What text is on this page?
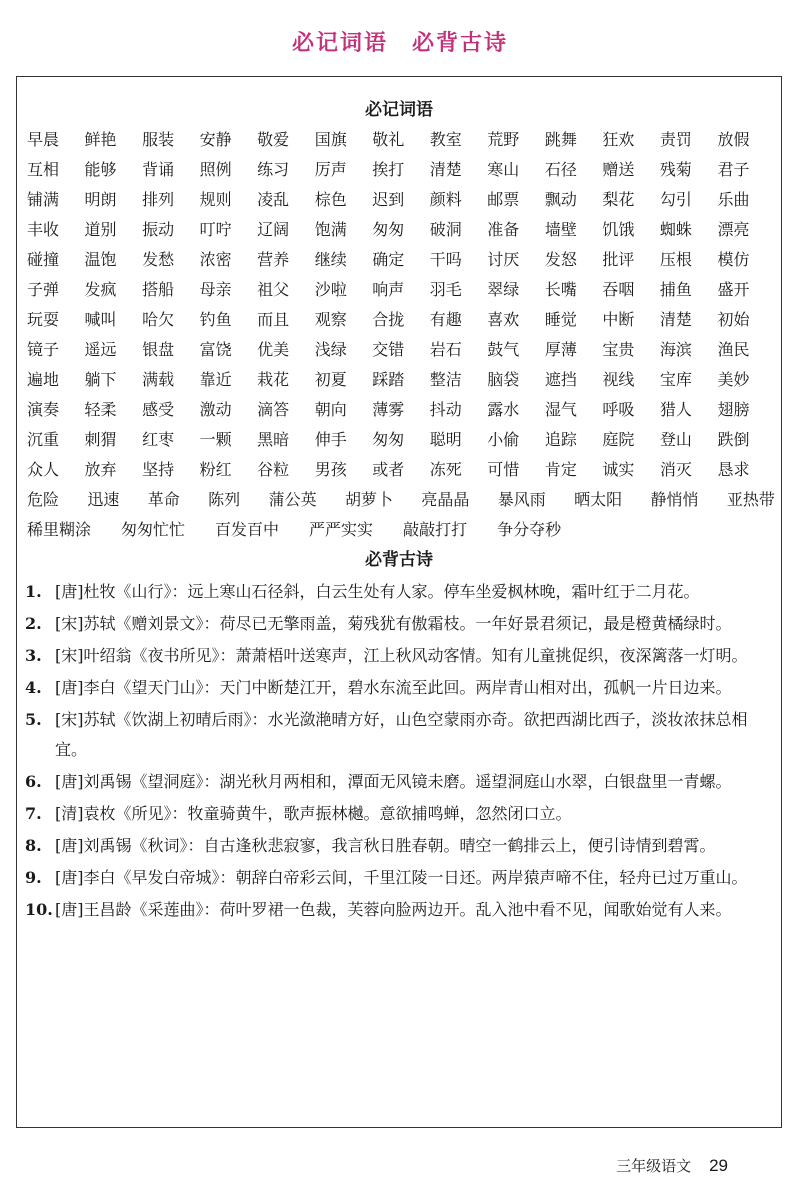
必记词语　必背古诗
必记词语
早晨	鲜艳	服装	安静	敬爱	国旗	敬礼	教室	荒野	跳舞	狂欢	责罚	放假
互相	能够	背诵	照例	练习	厉声	挨打	清楚	寒山	石径	赠送	残菊	君子
铺满	明朗	排列	规则	凌乱	棕色	迟到	颜料	邮票	飘动	梨花	勾引	乐曲
丰收	道别	振动	叮咛	辽阔	饱满	匆匆	破洞	准备	墙壁	饥饿	蜘蛛	漂亮
碰撞	温饱	发愁	浓密	营养	继续	确定	干吗	讨厌	发怒	批评	压根	模仿
子弹	发疯	搭船	母亲	祖父	沙啦	响声	羽毛	翠绿	长嘴	吞咽	捕鱼	盛开
玩耍	喊叫	哈欠	钓鱼	而且	观察	合拢	有趣	喜欢	睡觉	中断	清楚	初始
镜子	遥远	银盘	富饶	优美	浅绿	交错	岩石	鼓气	厚薄	宝贵	海滨	渔民
遍地	躺下	满载	靠近	栽花	初夏	踩踏	整洁	脑袋	遮挡	视线	宝库	美妙
演奏	轻柔	感受	激动	滴答	朝向	薄雾	抖动	露水	湿气	呼吸	猎人	翅膀
沉重	刺猬	红枣	一颗	黑暗	伸手	匆匆	聪明	小偷	追踪	庭院	登山	跌倒
众人	放弃	坚持	粉红	谷粒	男孩	或者	冻死	可惜	肯定	诚实	消灭	恳求
危险 迅速 革命 陈列 蒲公英 胡萝卜 亮晶晶 暴风雨 晒太阳 静悄悄 亚热带
稀里糊涂 匆匆忙忙 百发百中 严严实实 敲敲打打 争分夺秒
必背古诗
1. [唐]杜牧《山行》：远上寒山石径斜，白云生处有人家。停车坐爱枫林晚，霜叶红于二月花。
2. [宋]苏轼《赠刘景文》：荷尽已无擎雨盖，菊残犹有傲霜枝。一年好景君须记，最是橙黄橘绿时。
3. [宋]叶绍翁《夜书所见》：萧萧梧叶送寒声，江上秋风动客情。知有儿童挑促织，夜深篱落一灯明。
4. [唐]李白《望天门山》：天门中断楚江开，碧水东流至此回。两岸青山相对出，孤帆一片日边来。
5. [宋]苏轼《饮湖上初晴后雨》：水光潋滟晴方好，山色空蒙雨亦奇。欲把西湖比西子，淡妆浓抹总相宜。
6. [唐]刘禹锡《望洞庭》：湖光秋月两相和，潭面无风镜未磨。遥望洞庭山水翠，白银盘里一青螺。
7. [清]袁枚《所见》：牧童骑黄牛，歌声振林樾。意欲捕鸣蝉，忽然闭口立。
8. [唐]刘禹锡《秋词》：自古逢秋悲寂寥，我言秋日胜春朝。晴空一鹤排云上，便引诗情到碧霄。
9. [唐]李白《早发白帝城》：朝辞白帝彩云间，千里江陵一日还。两岸猿声啼不住，轻舟已过万重山。
10. [唐]王昌龄《采莲曲》：荷叶罗裙一色裁，芙蓉向脸两边开。乱入池中看不见，闻歌始觉有人来。
三年级语文 29
